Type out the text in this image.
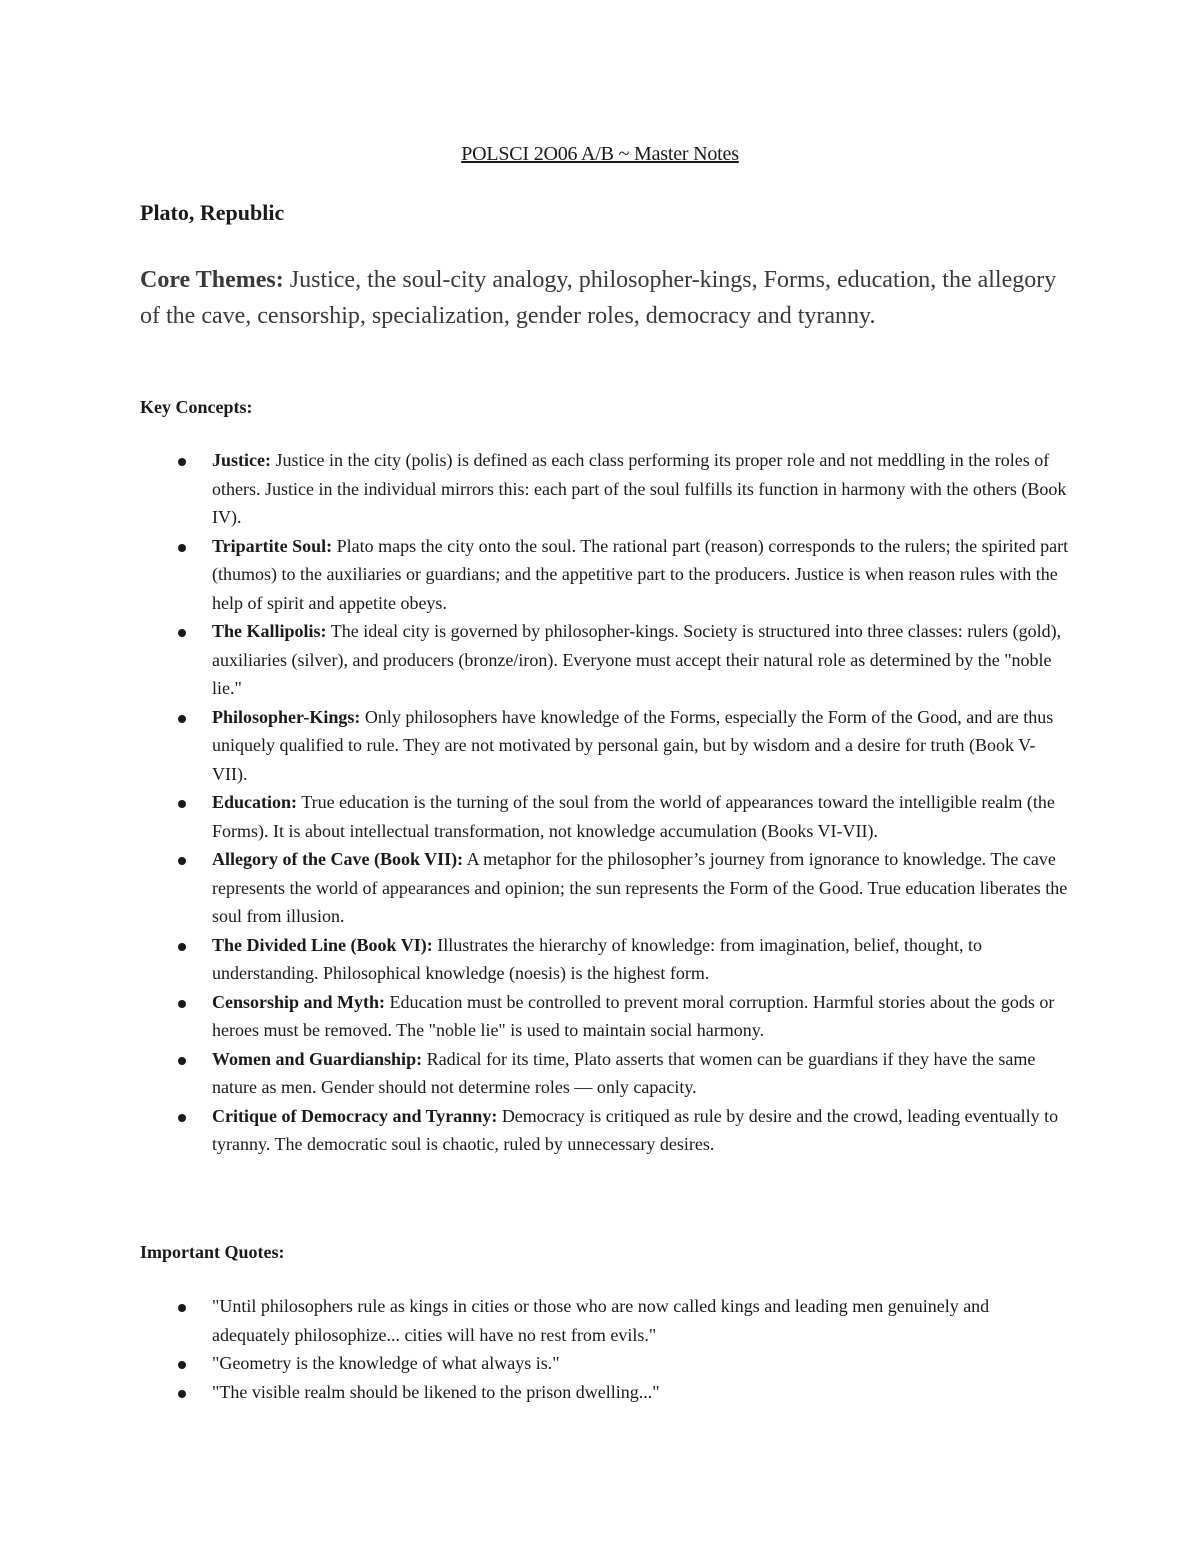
POLSCI 2O06 A/B ~ Master Notes
Plato, Republic
Core Themes: Justice, the soul-city analogy, philosopher-kings, Forms, education, the allegory of the cave, censorship, specialization, gender roles, democracy and tyranny.
Key Concepts:
Justice: Justice in the city (polis) is defined as each class performing its proper role and not meddling in the roles of others. Justice in the individual mirrors this: each part of the soul fulfills its function in harmony with the others (Book IV).
Tripartite Soul: Plato maps the city onto the soul. The rational part (reason) corresponds to the rulers; the spirited part (thumos) to the auxiliaries or guardians; and the appetitive part to the producers. Justice is when reason rules with the help of spirit and appetite obeys.
The Kallipolis: The ideal city is governed by philosopher-kings. Society is structured into three classes: rulers (gold), auxiliaries (silver), and producers (bronze/iron). Everyone must accept their natural role as determined by the "noble lie."
Philosopher-Kings: Only philosophers have knowledge of the Forms, especially the Form of the Good, and are thus uniquely qualified to rule. They are not motivated by personal gain, but by wisdom and a desire for truth (Book V-VII).
Education: True education is the turning of the soul from the world of appearances toward the intelligible realm (the Forms). It is about intellectual transformation, not knowledge accumulation (Books VI-VII).
Allegory of the Cave (Book VII): A metaphor for the philosopher’s journey from ignorance to knowledge. The cave represents the world of appearances and opinion; the sun represents the Form of the Good. True education liberates the soul from illusion.
The Divided Line (Book VI): Illustrates the hierarchy of knowledge: from imagination, belief, thought, to understanding. Philosophical knowledge (noesis) is the highest form.
Censorship and Myth: Education must be controlled to prevent moral corruption. Harmful stories about the gods or heroes must be removed. The "noble lie" is used to maintain social harmony.
Women and Guardianship: Radical for its time, Plato asserts that women can be guardians if they have the same nature as men. Gender should not determine roles — only capacity.
Critique of Democracy and Tyranny: Democracy is critiqued as rule by desire and the crowd, leading eventually to tyranny. The democratic soul is chaotic, ruled by unnecessary desires.
Important Quotes:
"Until philosophers rule as kings in cities or those who are now called kings and leading men genuinely and adequately philosophize... cities will have no rest from evils."
"Geometry is the knowledge of what always is."
"The visible realm should be likened to the prison dwelling..."
